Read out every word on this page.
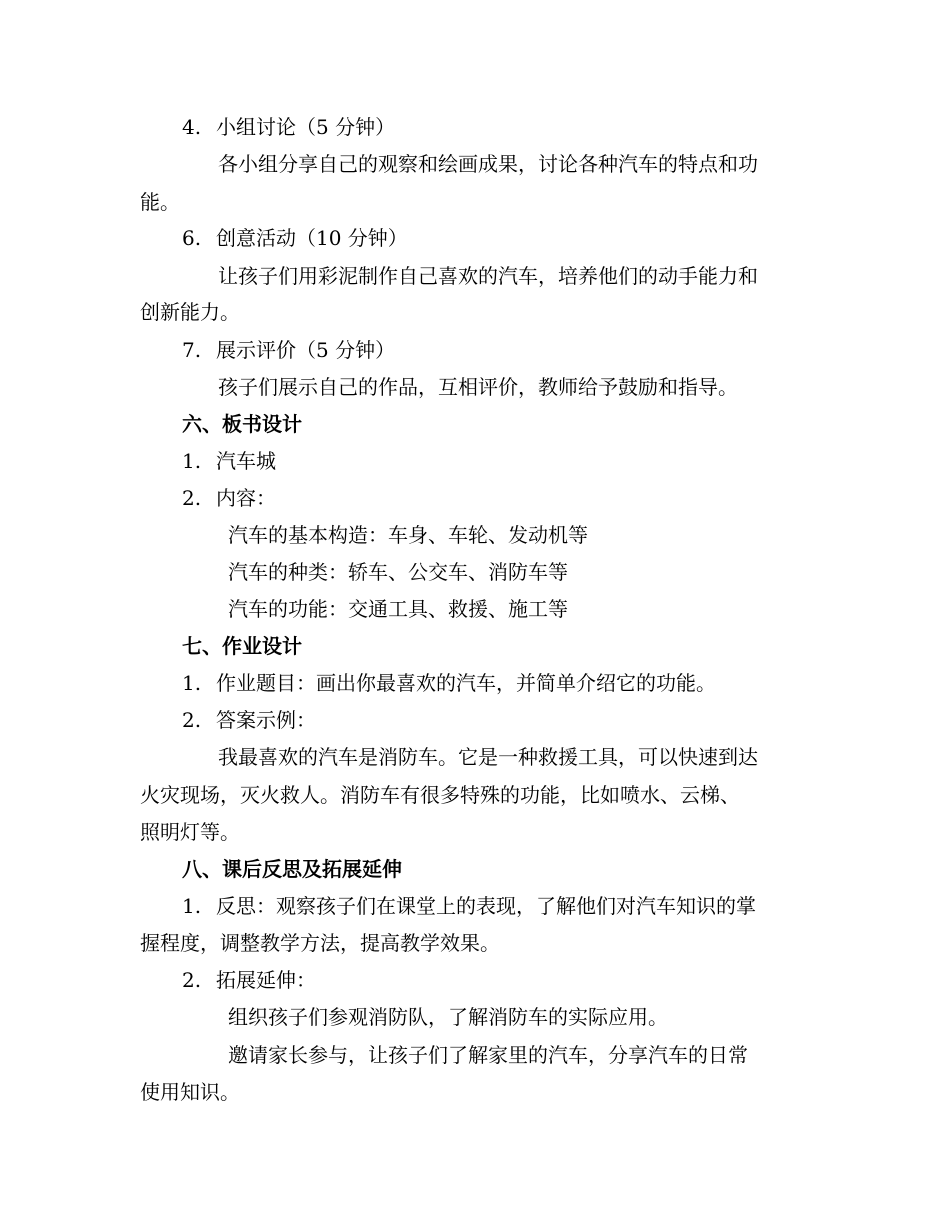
4. 小组讨论（5 分钟）
各小组分享自己的观察和绘画成果，讨论各种汽车的特点和功
能。
6. 创意活动（10 分钟）
让孩子们用彩泥制作自己喜欢的汽车，培养他们的动手能力和
创新能力。
7. 展示评价（5 分钟）
孩子们展示自己的作品，互相评价，教师给予鼓励和指导。
六、板书设计
1. 汽车城
2. 内容：
汽车的基本构造：车身、车轮、发动机等
汽车的种类：轿车、公交车、消防车等
汽车的功能：交通工具、救援、施工等
七、作业设计
1. 作业题目：画出你最喜欢的汽车，并简单介绍它的功能。
2. 答案示例：
我最喜欢的汽车是消防车。它是一种救援工具，可以快速到达
火灾现场，灭火救人。消防车有很多特殊的功能，比如喷水、云梯、
照明灯等。
八、课后反思及拓展延伸
1. 反思：观察孩子们在课堂上的表现，了解他们对汽车知识的掌
握程度，调整教学方法，提高教学效果。
2. 拓展延伸：
组织孩子们参观消防队，了解消防车的实际应用。
邀请家长参与，让孩子们了解家里的汽车，分享汽车的日常
使用知识。
